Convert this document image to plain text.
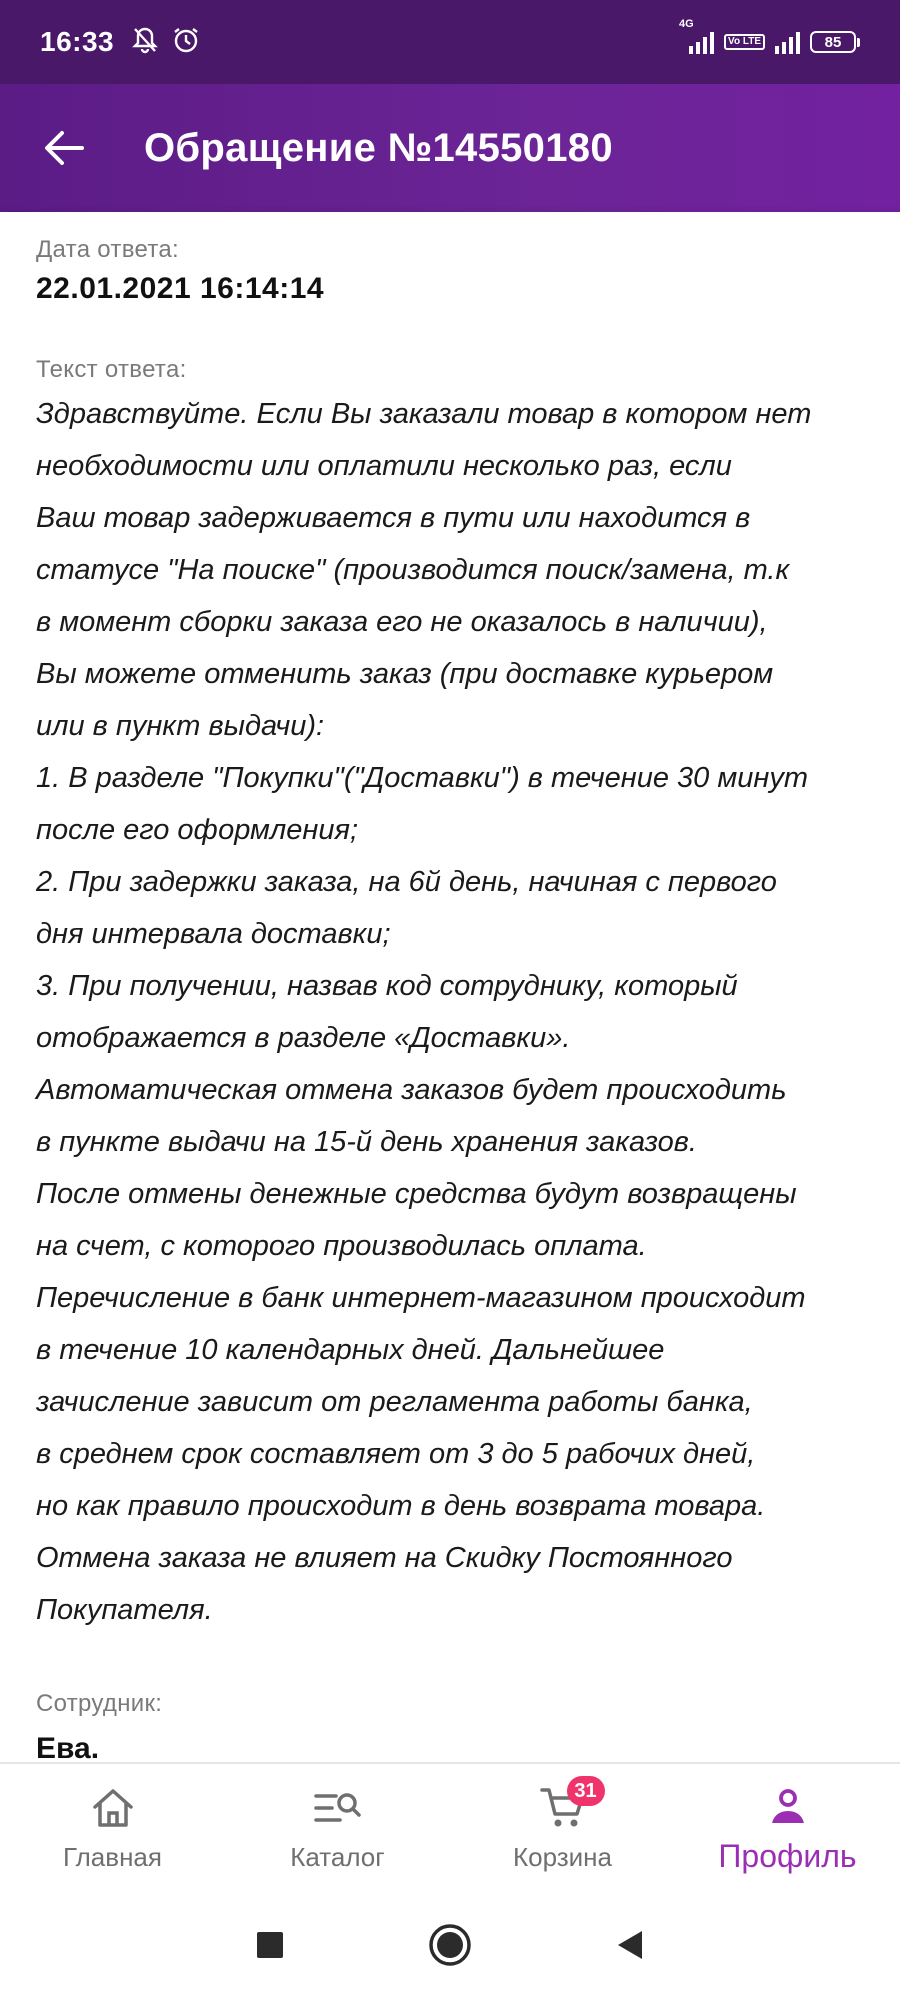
16:33
4G
Vo LTE	85
Обращение №14550180
Дата ответа:
22.01.2021 16:14:14
Текст ответа:
Здравствуйте. Если Вы заказали товар в котором нет
необходимости или оплатили несколько раз, если
Ваш товар задерживается в пути или находится в
статусе "На поиске" (производится поиск/замена, т.к
в момент сборки заказа его не оказалось в наличии),
Вы можете отменить заказ (при доставке курьером
или в пункт выдачи):
1. В разделе "Покупки"("Доставки") в течение 30 минут
после его оформления;
2. При задержки заказа, на 6й день, начиная с первого
дня интервала доставки;
3. При получении, назвав код сотруднику, который
отображается в разделе «Доставки».
Автоматическая отмена заказов будет происходить
в пункте выдачи на 15-й день хранения заказов.
После отмены денежные средства будут возвращены
на счет, с которого производилась оплата.
Перечисление в банк интернет-магазином происходит
в течение 10 календарных дней. Дальнейшее
зачисление зависит от регламента работы банка,
в среднем срок составляет от 3 до 5 рабочих дней,
но как правило происходит в день возврата товара.
Отмена заказа не влияет на Скидку Постоянного
Покупателя.
Сотрудник:
Ева.
Главная	Каталог
31
Корзина	Профиль
